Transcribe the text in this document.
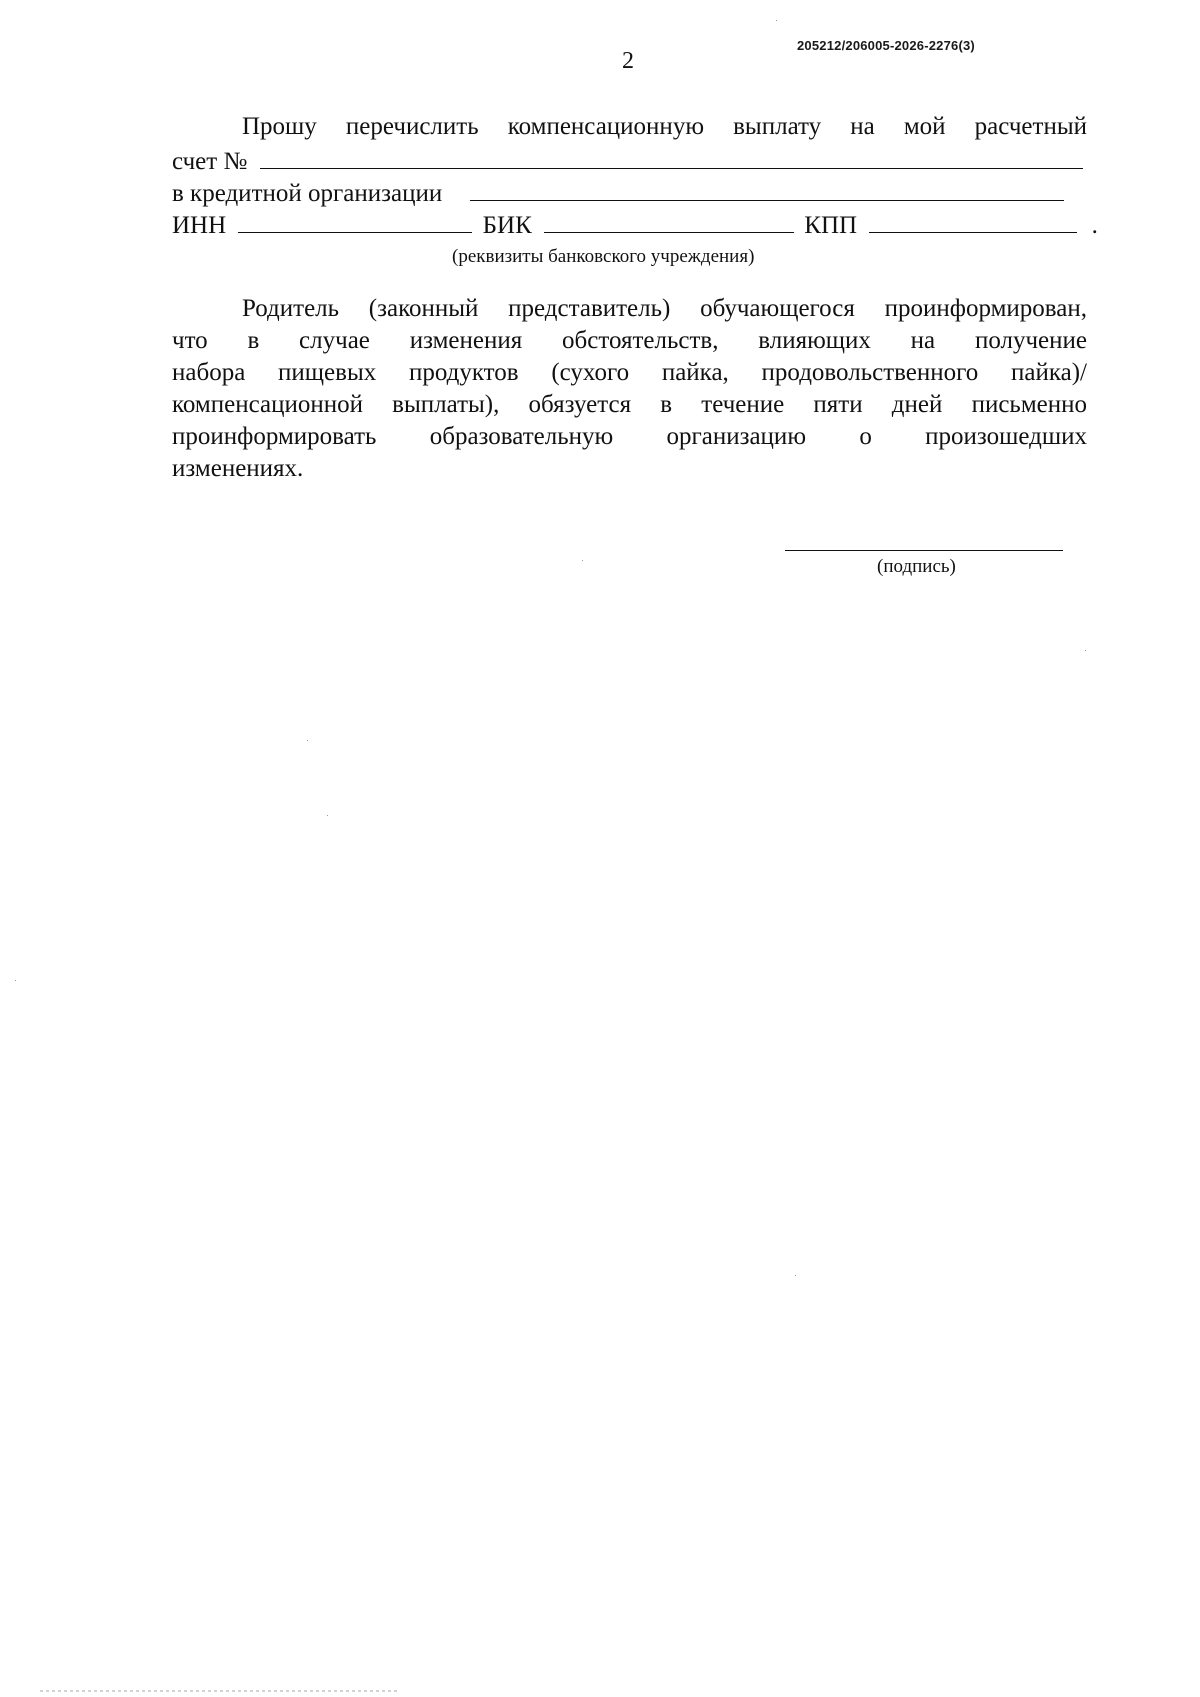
205212/206005-2026-2276(3)
2
Прошу перечислить компенсационную выплату на мой расчетный
счет №
в кредитной организации
ИНН	БИК	КПП	.
(реквизиты банковского учреждения)
Родитель (законный представитель) обучающегося проинформирован,
что в случае изменения обстоятельств, влияющих на получение
набора пищевых продуктов (сухого пайка, продовольственного пайка)/
компенсационной выплаты), обязуется в течение пяти дней письменно
проинформировать образовательную организацию о произошедших
изменениях.
(подпись)
